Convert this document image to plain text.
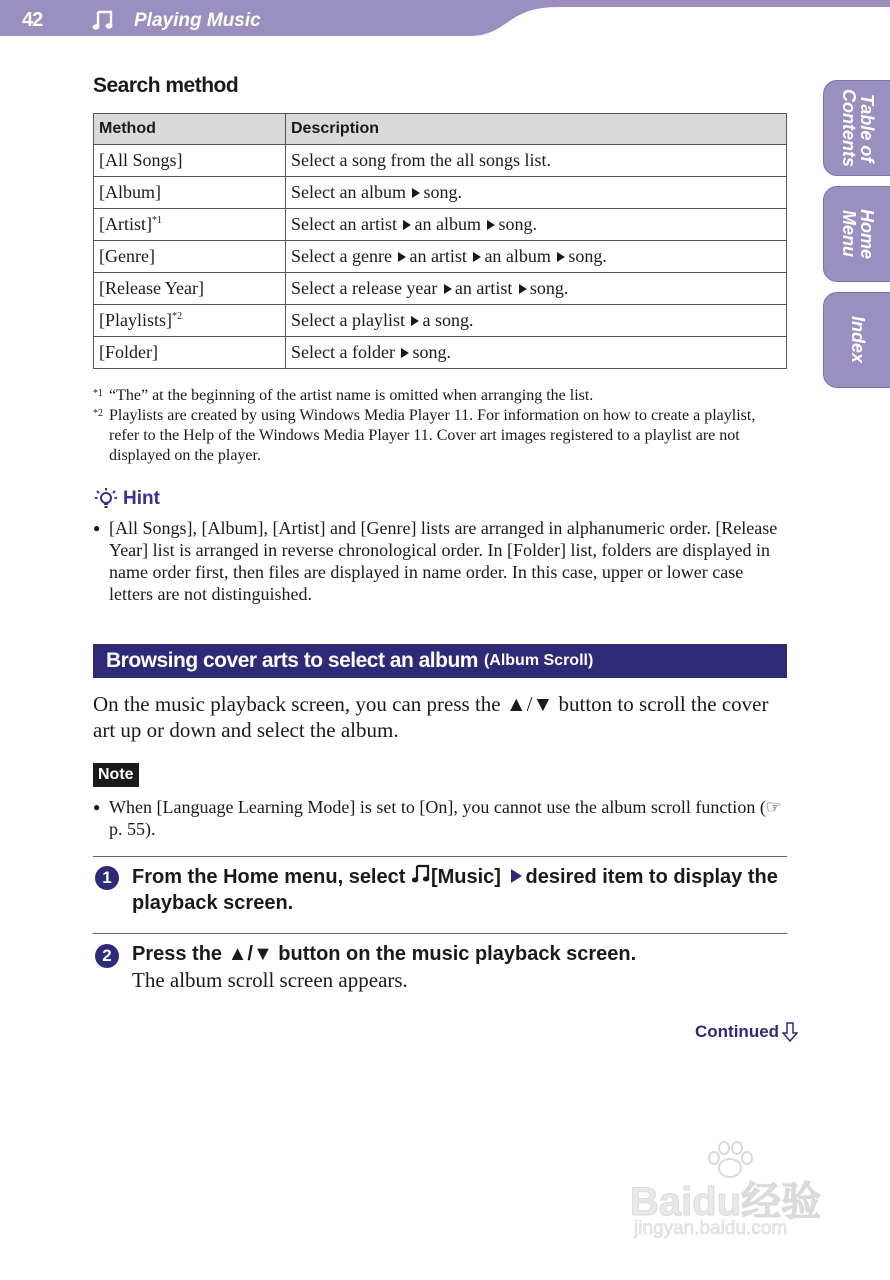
42	Playing Music
Table of
Contents
Home
Menu
Index
Search method
Method	Description
[All Songs]	Select a song from the all songs list.
[Album]	Select an album song.
[Artist]$^{*1}$	Select an artist an album song.
[Genre]	Select a genre an artist an album song.
[Release Year]	Select a release year an artist song.
[Playlists]$^{*2}$	Select a playlist a song.
[Folder]	Select a folder song.
*1 “The” at the beginning of the artist name is omitted when arranging the list.
*2 Playlists are created by using Windows Media Player 11. For information on how to create a playlist, refer to the Help of the Windows Media Player 11. Cover art images registered to a playlist are not displayed on the player.
Hint
● [All Songs], [Album], [Artist] and [Genre] lists are arranged in alphanumeric order. [Release Year] list is arranged in reverse chronological order. In [Folder] list, folders are displayed in name order first, then files are displayed in name order. In this case, upper or lower case letters are not distinguished.
Browsing cover arts to select an album (Album Scroll)
On the music playback screen, you can press the ▲/▼ button to scroll the cover art up or down and select the album.
Note
● When [Language Learning Mode] is set to [On], you cannot use the album scroll function (☞ p. 55).
1	From the Home menu, select [Music] desired item to display the playback screen.
2	Press the ▲/▼ button on the music playback screen.
The album scroll screen appears.
Continued
Baidu经验
jingyan.baidu.com
